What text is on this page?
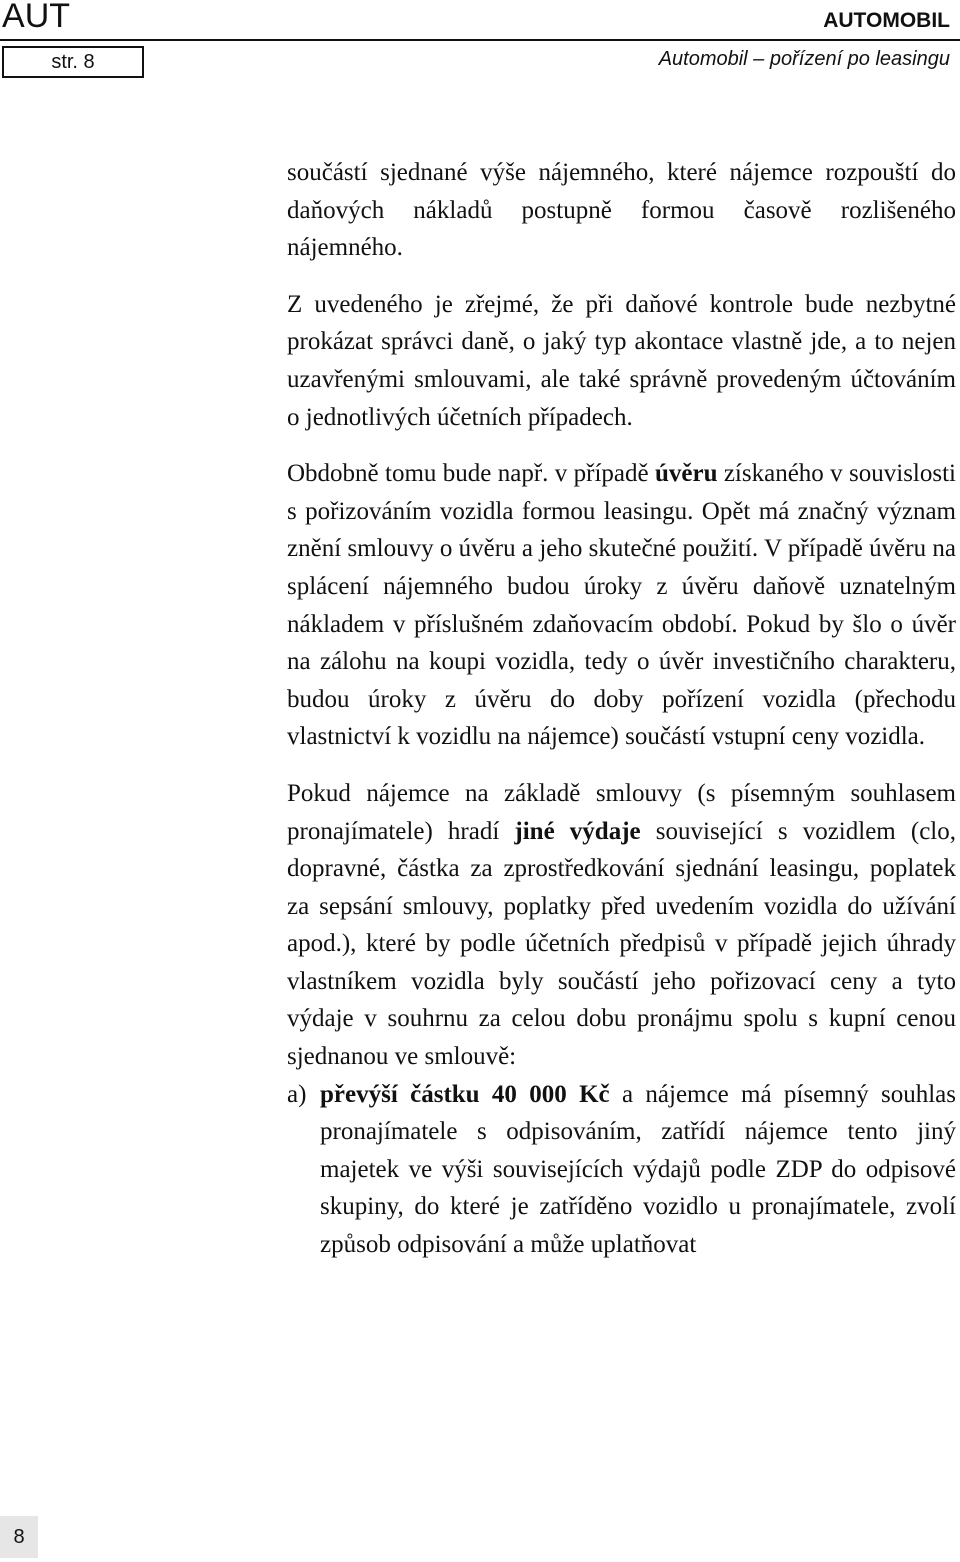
AUT	AUTOMOBIL
str. 8	Automobil – pořízení po leasingu

součástí sjednané výše nájemného, které nájemce rozpouští do daňových nákladů postupně formou časově rozlišeného nájemného.

Z uvedeného je zřejmé, že při daňové kontrole bude nezbytné prokázat správci daně, o jaký typ akontace vlastně jde, a to nejen uzavřenými smlouvami, ale také správně provedeným účtováním o jednotlivých účetních případech.

Obdobně tomu bude např. v případě úvěru získaného v souvislosti s pořizováním vozidla formou leasingu. Opět má značný význam znění smlouvy o úvěru a jeho skutečné použití. V případě úvěru na splácení nájemného budou úroky z úvěru daňově uznatelným nákladem v příslušném zdaňovacím období. Pokud by šlo o úvěr na zálohu na koupi vozidla, tedy o úvěr investičního charakteru, budou úroky z úvěru do doby pořízení vozidla (přechodu vlastnictví k vozidlu na nájemce) součástí vstupní ceny vozidla.

Pokud nájemce na základě smlouvy (s písemným souhlasem pronajímatele) hradí jiné výdaje související s vozidlem (clo, dopravné, částka za zprostředkování sjednání leasingu, poplatek za sepsání smlouvy, poplatky před uvedením vozidla do užívání apod.), které by podle účetních předpisů v případě jejich úhrady vlastníkem vozidla byly součástí jeho pořizovací ceny a tyto výdaje v souhrnu za celou dobu pronájmu spolu s kupní cenou sjednanou ve smlouvě:

a) převýší částku 40 000 Kč a nájemce má písemný souhlas pronajímatele s odpisováním, zatřídí nájemce tento jiný majetek ve výši souvisejících výdajů podle ZDP do odpisové skupiny, do které je zatříděno vozidlo u pronajímatele, zvolí způsob odpisování a může uplatňovat
8
